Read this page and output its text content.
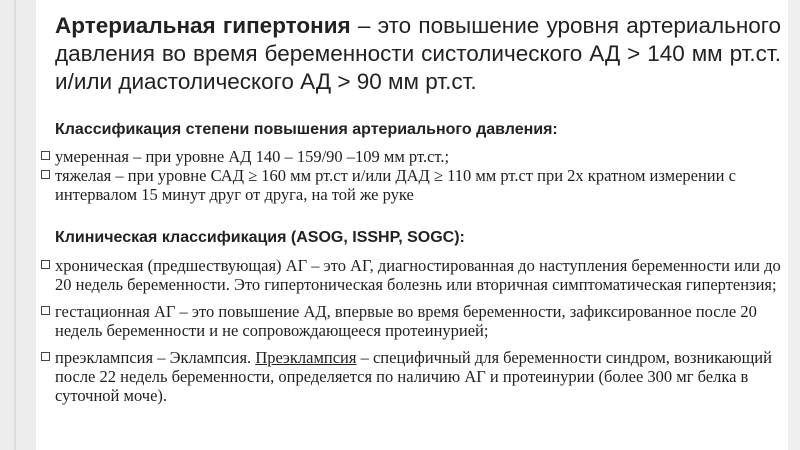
Артериальная гипертония – это повышение уровня артериального давления во время беременности систолического АД > 140 мм рт.ст. и/или диастолического АД > 90 мм рт.ст.

Классификация степени повышения артериального давления:

умеренная – при уровне АД 140 – 159/90 –109 мм рт.ст.;
тяжелая – при уровне САД ≥ 160 мм рт.ст и/или ДАД ≥ 110 мм рт.ст при 2х кратном измерении с интервалом 15 минут друг от друга, на той же руке

Клиническая классификация (ASOG, ISSHP, SOGC):

хроническая (предшествующая) АГ – это АГ, диагностированная до наступления беременности или до 20 недель беременности. Это гипертоническая болезнь или вторичная симптоматическая гипертензия;
гестационная АГ – это повышение АД, впервые во время беременности, зафиксированное после 20 недель беременности и не сопровождающееся протеинурией;
преэклампсия – Эклампсия. Преэклампсия – специфичный для беременности синдром, возникающий после 22 недель беременности, определяется по наличию АГ и протеинурии (более 300 мг белка в суточной моче).
